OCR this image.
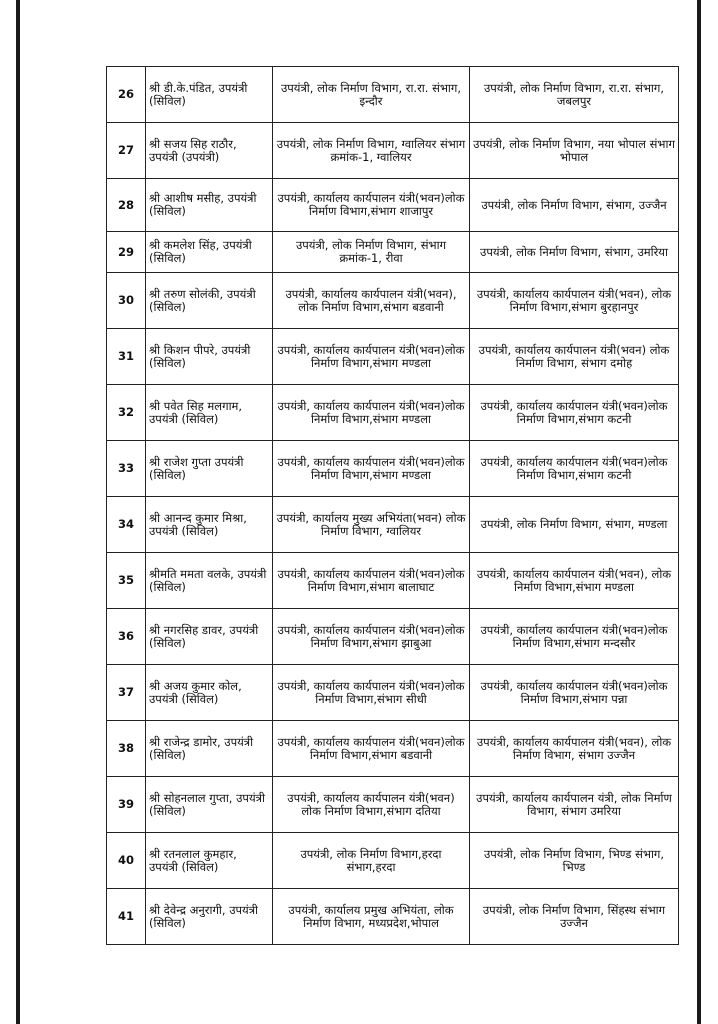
26	श्री डी.के.पंडित, उपयंत्री (सिविल)	उपयंत्री, लोक निर्माण विभाग, रा.रा. संभाग, इन्दौर	उपयंत्री, लोक निर्माण विभाग, रा.रा. संभाग, जबलपुर
27	श्री सजय सिह राठौर, उपयंत्री (उपयंत्री)	उपयंत्री, लोक निर्माण विभाग, ग्वालियर संभाग क्रमांक-1, ग्वालियर	उपयंत्री, लोक निर्माण विभाग, नया भोपाल संभाग भोपाल
28	श्री आशीष मसीह, उपयंत्री (सिविल)	उपयंत्री, कार्यालय कार्यपालन यंत्री(भवन)लोक निर्माण विभाग,संभाग शाजापुर	उपयंत्री, लोक निर्माण विभाग, संभाग, उज्जैन
29	श्री कमलेश सिंह, उपयंत्री (सिविल)	उपयंत्री, लोक निर्माण विभाग, संभाग क्रमांक-1, रीवा	उपयंत्री, लोक निर्माण विभाग, संभाग, उमरिया
30	श्री तरुण सोलंकी, उपयंत्री (सिविल)	उपयंत्री, कार्यालय कार्यपालन यंत्री(भवन), लोक निर्माण विभाग,संभाग बडवानी	उपयंत्री, कार्यालय कार्यपालन यंत्री(भवन), लोक निर्माण विभाग,संभाग बुरहानपुर
31	श्री किशन पीपरे, उपयंत्री (सिविल)	उपयंत्री, कार्यालय कार्यपालन यंत्री(भवन)लोक निर्माण विभाग,संभाग मण्डला	उपयंत्री, कार्यालय कार्यपालन यंत्री(भवन) लोक निर्माण विभाग, संभाग दमोह
32	श्री पवेत सिह मलगाम, उपयंत्री (सिविल)	उपयंत्री, कार्यालय कार्यपालन यंत्री(भवन)लोक निर्माण विभाग,संभाग मण्डला	उपयंत्री, कार्यालय कार्यपालन यंत्री(भवन)लोक निर्माण विभाग,संभाग कटनी
33	श्री राजेश गुप्ता उपयंत्री (सिविल)	उपयंत्री, कार्यालय कार्यपालन यंत्री(भवन)लोक निर्माण विभाग,संभाग मण्डला	उपयंत्री, कार्यालय कार्यपालन यंत्री(भवन)लोक निर्माण विभाग,संभाग कटनी
34	श्री आनन्द कुमार मिश्रा, उपयंत्री (सिविल)	उपयंत्री, कार्यालय मुख्य अभियंता(भवन) लोक निर्माण विभाग, ग्वालियर	उपयंत्री, लोक निर्माण विभाग, संभाग, मण्डला
35	श्रीमति ममता वलके, उपयंत्री (सिविल)	उपयंत्री, कार्यालय कार्यपालन यंत्री(भवन)लोक निर्माण विभाग,संभाग बालाघाट	उपयंत्री, कार्यालय कार्यपालन यंत्री(भवन), लोक निर्माण विभाग,संभाग मण्डला
36	श्री नगरसिह डावर, उपयंत्री (सिविल)	उपयंत्री, कार्यालय कार्यपालन यंत्री(भवन)लोक निर्माण विभाग,संभाग झाबुआ	उपयंत्री, कार्यालय कार्यपालन यंत्री(भवन)लोक निर्माण विभाग,संभाग मन्दसौर
37	श्री अजय कुमार कोल, उपयंत्री (सिविल)	उपयंत्री, कार्यालय कार्यपालन यंत्री(भवन)लोक निर्माण विभाग,संभाग सीधी	उपयंत्री, कार्यालय कार्यपालन यंत्री(भवन)लोक निर्माण विभाग,संभाग पन्ना
38	श्री राजेन्द्र डामोर, उपयंत्री (सिविल)	उपयंत्री, कार्यालय कार्यपालन यंत्री(भवन)लोक निर्माण विभाग,संभाग बडवानी	उपयंत्री, कार्यालय कार्यपालन यंत्री(भवन), लोक निर्माण विभाग, संभाग उज्जैन
39	श्री सोहनलाल गुप्ता, उपयंत्री (सिविल)	उपयंत्री, कार्यालय कार्यपालन यंत्री(भवन) लोक निर्माण विभाग,संभाग दतिया	उपयंत्री, कार्यालय कार्यपालन यंत्री, लोक निर्माण विभाग, संभाग उमरिया
40	श्री रतनलाल कुमहार, उपयंत्री (सिविल)	उपयंत्री, लोक निर्माण विभाग,हरदा संभाग,हरदा	उपयंत्री, लोक निर्माण विभाग, भिण्ड संभाग, भिण्ड
41	श्री देवेन्द्र अनुरागी, उपयंत्री (सिविल)	उपयंत्री, कार्यालय प्रमुख अभियंता, लोक निर्माण विभाग, मध्यप्रदेश,भोपाल	उपयंत्री, लोक निर्माण विभाग, सिंहस्थ संभाग उज्जैन
